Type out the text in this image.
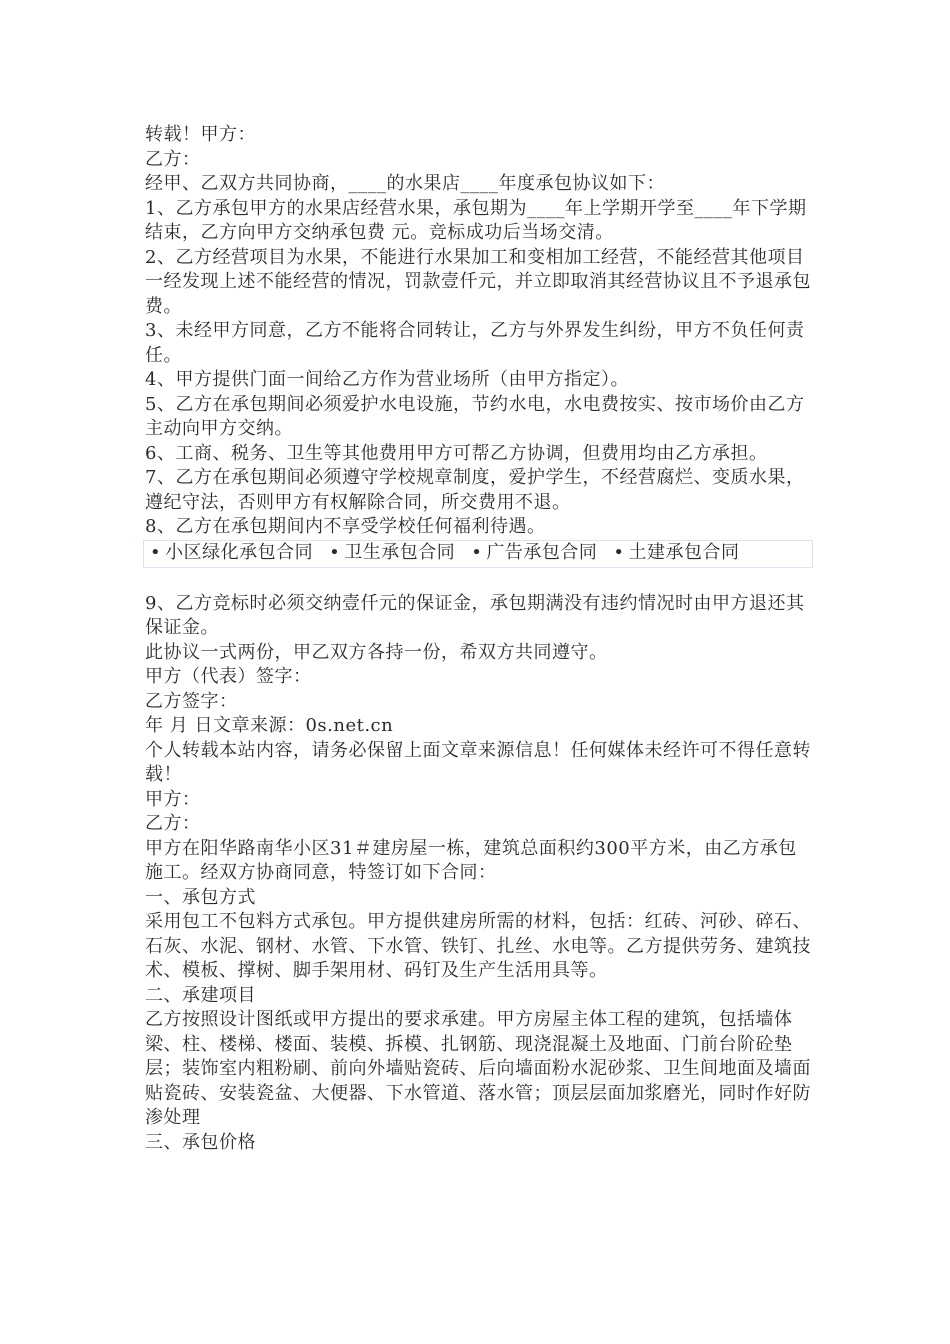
转载！甲方：

乙方：

经甲、乙双方共同协商，____的水果店____年度承包协议如下：

1、乙方承包甲方的水果店经营水果，承包期为____年上学期开学至____年下学期结束，乙方向甲方交纳承包费 元。竞标成功后当场交清。

2、乙方经营项目为水果，不能进行水果加工和变相加工经营，不能经营其他项目一经发现上述不能经营的情况，罚款壹仟元，并立即取消其经营协议且不予退承包费。

3、未经甲方同意，乙方不能将合同转让，乙方与外界发生纠纷，甲方不负任何责任。

4、甲方提供门面一间给乙方作为营业场所（由甲方指定）。

5、乙方在承包期间必须爱护水电设施，节约水电，水电费按实、按市场价由乙方主动向甲方交纳。

6、工商、税务、卫生等其他费用甲方可帮乙方协调，但费用均由乙方承担。

7、乙方在承包期间必须遵守学校规章制度，爱护学生，不经营腐烂、变质水果，遵纪守法，否则甲方有权解除合同，所交费用不退。

8、乙方在承包期间内不享受学校任何福利待遇。

• 小区绿化承包合同	• 卫生承包合同	• 广告承包合同	• 土建承包合同

9、乙方竞标时必须交纳壹仟元的保证金，承包期满没有违约情况时由甲方退还其保证金。

此协议一式两份，甲乙双方各持一份，希双方共同遵守。

甲方（代表）签字：

乙方签字：

年 月 日文章来源：0s.net.cn

个人转载本站内容，请务必保留上面文章来源信息！任何媒体未经许可不得任意转载！

甲方：

乙方：

甲方在阳华路南华小区31＃建房屋一栋，建筑总面积约300平方米，由乙方承包施工。经双方协商同意，特签订如下合同：

一、承包方式

采用包工不包料方式承包。甲方提供建房所需的材料，包括：红砖、河砂、碎石、石灰、水泥、钢材、水管、下水管、铁钉、扎丝、水电等。乙方提供劳务、建筑技术、模板、撑树、脚手架用材、码钉及生产生活用具等。

二、承建项目

乙方按照设计图纸或甲方提出的要求承建。甲方房屋主体工程的建筑，包括墙体梁、柱、楼梯、楼面、装模、拆模、扎钢筋、现浇混凝土及地面、门前台阶砼垫层；装饰室内粗粉刷、前向外墙贴瓷砖、后向墙面粉水泥砂浆、卫生间地面及墙面贴瓷砖、安装瓷盆、大便器、下水管道、落水管；顶层层面加浆磨光，同时作好防渗处理

三、承包价格
